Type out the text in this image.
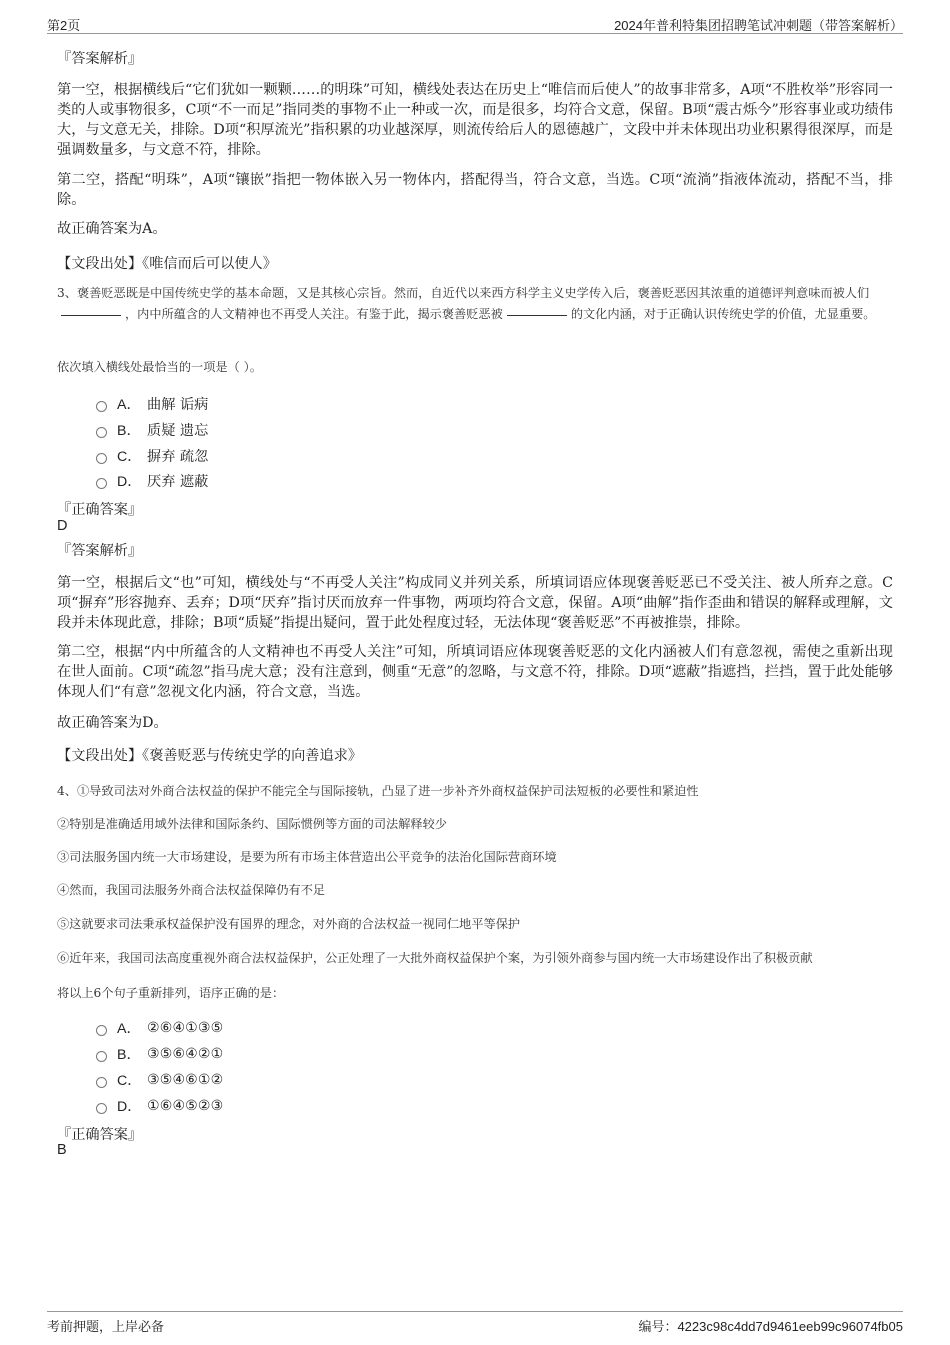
第2页	2024年普利特集团招聘笔试冲刺题（带答案解析）
『答案解析』
第一空，根据横线后“它们犹如一颗颗……的明珠”可知，横线处表达在历史上“唯信而后使人”的故事非常多，A项“不胜枚举”形容同一类的人或事物很多，C项“不一而足”指同类的事物不止一种或一次，而是很多，均符合文意，保留。B项“震古烁今”形容事业或功绩伟大，与文意无关，排除。D项“积厚流光”指积累的功业越深厚，则流传给后人的恩德越广，文段中并未体现出功业积累得很深厚，而是强调数量多，与文意不符，排除。
第二空，搭配“明珠”，A项“镶嵌”指把一物体嵌入另一物体内，搭配得当，符合文意，当选。C项“流淌”指液体流动，搭配不当，排除。
故正确答案为A。
【文段出处】《唯信而后可以使人》
3、褒善贬恶既是中国传统史学的基本命题，又是其核心宗旨。然而，自近代以来西方科学主义史学传入后，褒善贬恶因其浓重的道德评判意味而被人们，内中所蕴含的人文精神也不再受人关注。有鉴于此，揭示褒善贬恶被	的文化内涵，对于正确认识传统史学的价值，尤显重要。
依次填入横线处最恰当的一项是（ ）。
A． 曲解 诟病
B． 质疑 遗忘
C． 摒弃 疏忽
D． 厌弃 遮蔽
『正确答案』
D
『答案解析』
第一空，根据后文“也”可知，横线处与“不再受人关注”构成同义并列关系，所填词语应体现褒善贬恶已不受关注、被人所弃之意。C项“摒弃”形容抛弃、丢弃；D项“厌弃”指讨厌而放弃一件事物，两项均符合文意，保留。A项“曲解”指作歪曲和错误的解释或理解，文段并未体现此意，排除；B项“质疑”指提出疑问，置于此处程度过轻，无法体现“褒善贬恶”不再被推崇，排除。
第二空，根据“内中所蕴含的人文精神也不再受人关注”可知，所填词语应体现褒善贬恶的文化内涵被人们有意忽视，需使之重新出现在世人面前。C项“疏忽”指马虎大意；没有注意到，侧重“无意”的忽略，与文意不符，排除。D项“遮蔽”指遮挡，拦挡，置于此处能够体现人们“有意”忽视文化内涵，符合文意，当选。
故正确答案为D。
【文段出处】《褒善贬恶与传统史学的向善追求》
4、①导致司法对外商合法权益的保护不能完全与国际接轨，凸显了进一步补齐外商权益保护司法短板的必要性和紧迫性
②特别是准确适用域外法律和国际条约、国际惯例等方面的司法解释较少
③司法服务国内统一大市场建设，是要为所有市场主体营造出公平竞争的法治化国际营商环境
④然而，我国司法服务外商合法权益保障仍有不足
⑤这就要求司法秉承权益保护没有国界的理念，对外商的合法权益一视同仁地平等保护
⑥近年来，我国司法高度重视外商合法权益保护，公正处理了一大批外商权益保护个案，为引领外商参与国内统一大市场建设作出了积极贡献
将以上6个句子重新排列，语序正确的是：
A． ②⑥④①③⑤
B． ③⑤⑥④②①
C． ③⑤④⑥①②
D． ①⑥④⑤②③
『正确答案』
B
考前押题，上岸必备	编号：4223c98c4dd7d9461eeb99c96074fb05
